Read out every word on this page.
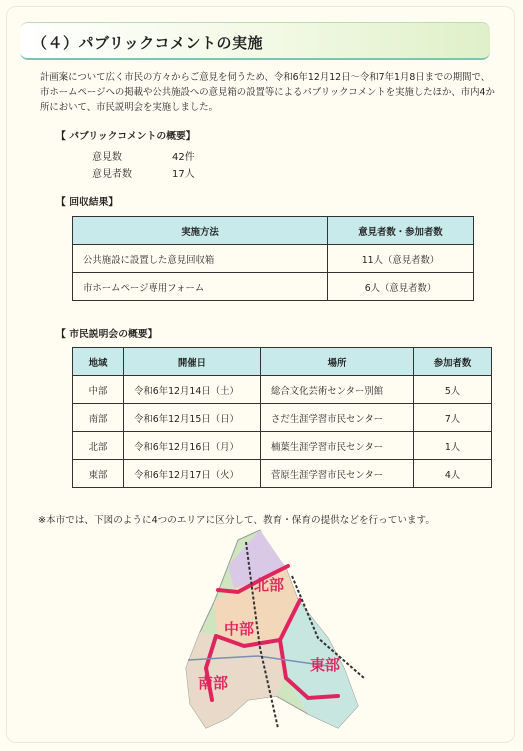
（４）パブリックコメントの実施

計画案について広く市民の方々からご意見を伺うため、令和6年12月12日～令和7年1月8日までの期間で、市ホームページへの掲載や公共施設への意見箱の設置等によるパブリックコメントを実施したほか、市内4か所において、市民説明会を実施しました。

【 パブリックコメントの概要】
意見数	42件
意見者数	17人
【 回収結果】
実施方法	意見者数・参加者数
公共施設に設置した意見回収箱	11人（意見者数）
市ホームページ専用フォーム	6人（意見者数）
【 市民説明会の概要】
地域	開催日	場所	参加者数
中部	令和6年12月14日（土）	総合文化芸術センター別館	5人
南部	令和6年12月15日（日）	さだ生涯学習市民センター	7人
北部	令和6年12月16日（月）	楠葉生涯学習市民センター	1人
東部	令和6年12月17日（火）	菅原生涯学習市民センター	4人
※本市では、下図のように4つのエリアに区分して、教育・保育の提供などを行っています。
北部
中部
東部
南部
